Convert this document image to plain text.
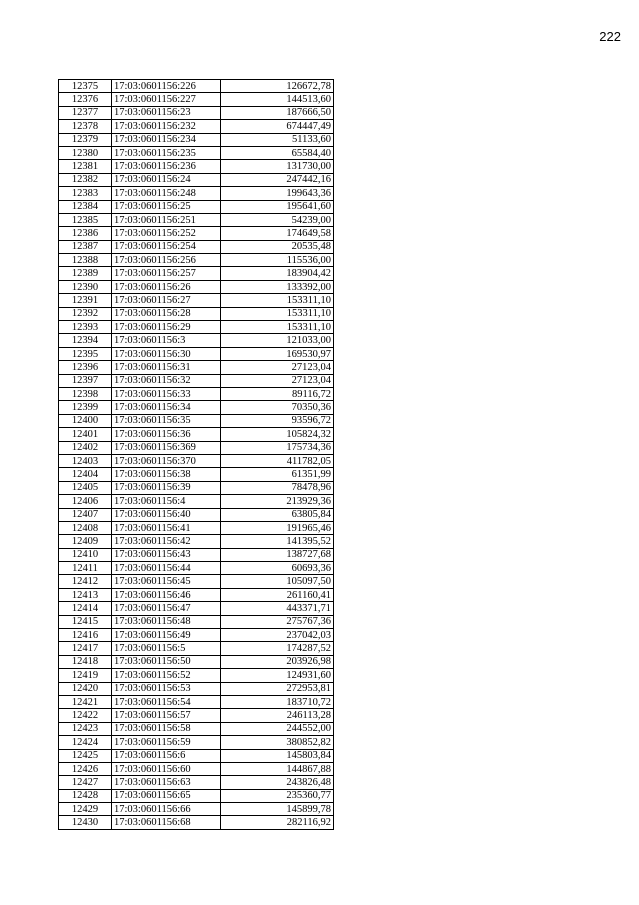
222
12375	17:03:0601156:226	126672,78
12376	17:03:0601156:227	144513,60
12377	17:03:0601156:23	187666,50
12378	17:03:0601156:232	674447,49
12379	17:03:0601156:234	51133,60
12380	17:03:0601156:235	65584,40
12381	17:03:0601156:236	131730,00
12382	17:03:0601156:24	247442,16
12383	17:03:0601156:248	199643,36
12384	17:03:0601156:25	195641,60
12385	17:03:0601156:251	54239,00
12386	17:03:0601156:252	174649,58
12387	17:03:0601156:254	20535,48
12388	17:03:0601156:256	115536,00
12389	17:03:0601156:257	183904,42
12390	17:03:0601156:26	133392,00
12391	17:03:0601156:27	153311,10
12392	17:03:0601156:28	153311,10
12393	17:03:0601156:29	153311,10
12394	17:03:0601156:3	121033,00
12395	17:03:0601156:30	169530,97
12396	17:03:0601156:31	27123,04
12397	17:03:0601156:32	27123,04
12398	17:03:0601156:33	89116,72
12399	17:03:0601156:34	70350,36
12400	17:03:0601156:35	93596,72
12401	17:03:0601156:36	105824,32
12402	17:03:0601156:369	175734,36
12403	17:03:0601156:370	411782,05
12404	17:03:0601156:38	61351,99
12405	17:03:0601156:39	78478,96
12406	17:03:0601156:4	213929,36
12407	17:03:0601156:40	63805,84
12408	17:03:0601156:41	191965,46
12409	17:03:0601156:42	141395,52
12410	17:03:0601156:43	138727,68
12411	17:03:0601156:44	60693,36
12412	17:03:0601156:45	105097,50
12413	17:03:0601156:46	261160,41
12414	17:03:0601156:47	443371,71
12415	17:03:0601156:48	275767,36
12416	17:03:0601156:49	237042,03
12417	17:03:0601156:5	174287,52
12418	17:03:0601156:50	203926,98
12419	17:03:0601156:52	124931,60
12420	17:03:0601156:53	272953,81
12421	17:03:0601156:54	183710,72
12422	17:03:0601156:57	246113,28
12423	17:03:0601156:58	244552,00
12424	17:03:0601156:59	380852,82
12425	17:03:0601156:6	145803,84
12426	17:03:0601156:60	144867,88
12427	17:03:0601156:63	243826,48
12428	17:03:0601156:65	235360,77
12429	17:03:0601156:66	145899,78
12430	17:03:0601156:68	282116,92
